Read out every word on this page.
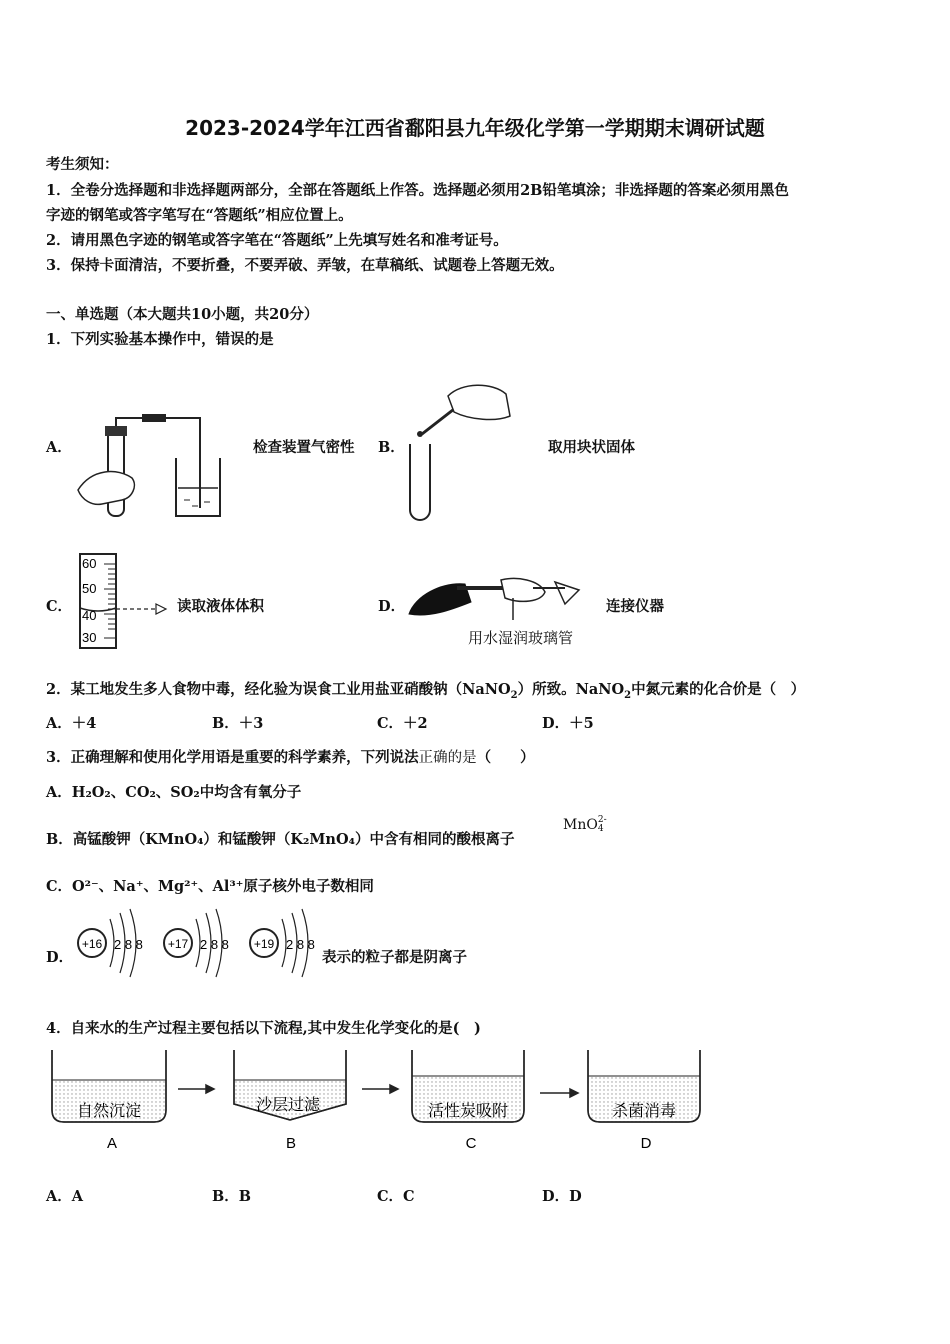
2023-2024学年江西省鄱阳县九年级化学第一学期期末调研试题
考生须知：
1．全卷分选择题和非选择题两部分，全部在答题纸上作答。选择题必须用2B铅笔填涂；非选择题的答案必须用黑色
字迹的钢笔或答字笔写在“答题纸”相应位置上。
2．请用黑色字迹的钢笔或答字笔在“答题纸”上先填写姓名和准考证号。
3．保持卡面清洁，不要折叠，不要弄破、弄皱，在草稿纸、试题卷上答题无效。
一、单选题（本大题共10小题，共20分）
1．下列实验基本操作中，错误的是
A．	检查装置气密性 B．	取用块状固体
C．
60
50
40
30
读取液体体积	D．
用水湿润玻璃管
连接仪器
2．某工地发生多人食物中毒，经化验为误食工业用盐亚硝酸钠（NaNO$_2$）所致。NaNO$_2$中氮元素的化合价是（　）
A．＋4	B．＋3	C．＋2	D．＋5
3．正确理解和使用化学用语是重要的科学素养，下列说法正确的是（　　）
A．H₂O₂、CO₂、SO₂中均含有氧分子
B．高锰酸钾（KMnO₄）和锰酸钾（K₂MnO₄）中含有相同的酸根离子
MnO2-
4
C．O²⁻、Na⁺、Mg²⁺、Al³⁺原子核外电子数相同
D．
+16 2 8 8 +17 2 8 8 +19 2 8 8
表示的粒子都是阴离子
4．自来水的生产过程主要包括以下流程,其中发生化学变化的是(　)
自然沉淀
A
沙层过滤
B
活性炭吸附
C
杀菌消毒
D
A．A	B．B	C．C	D．D
